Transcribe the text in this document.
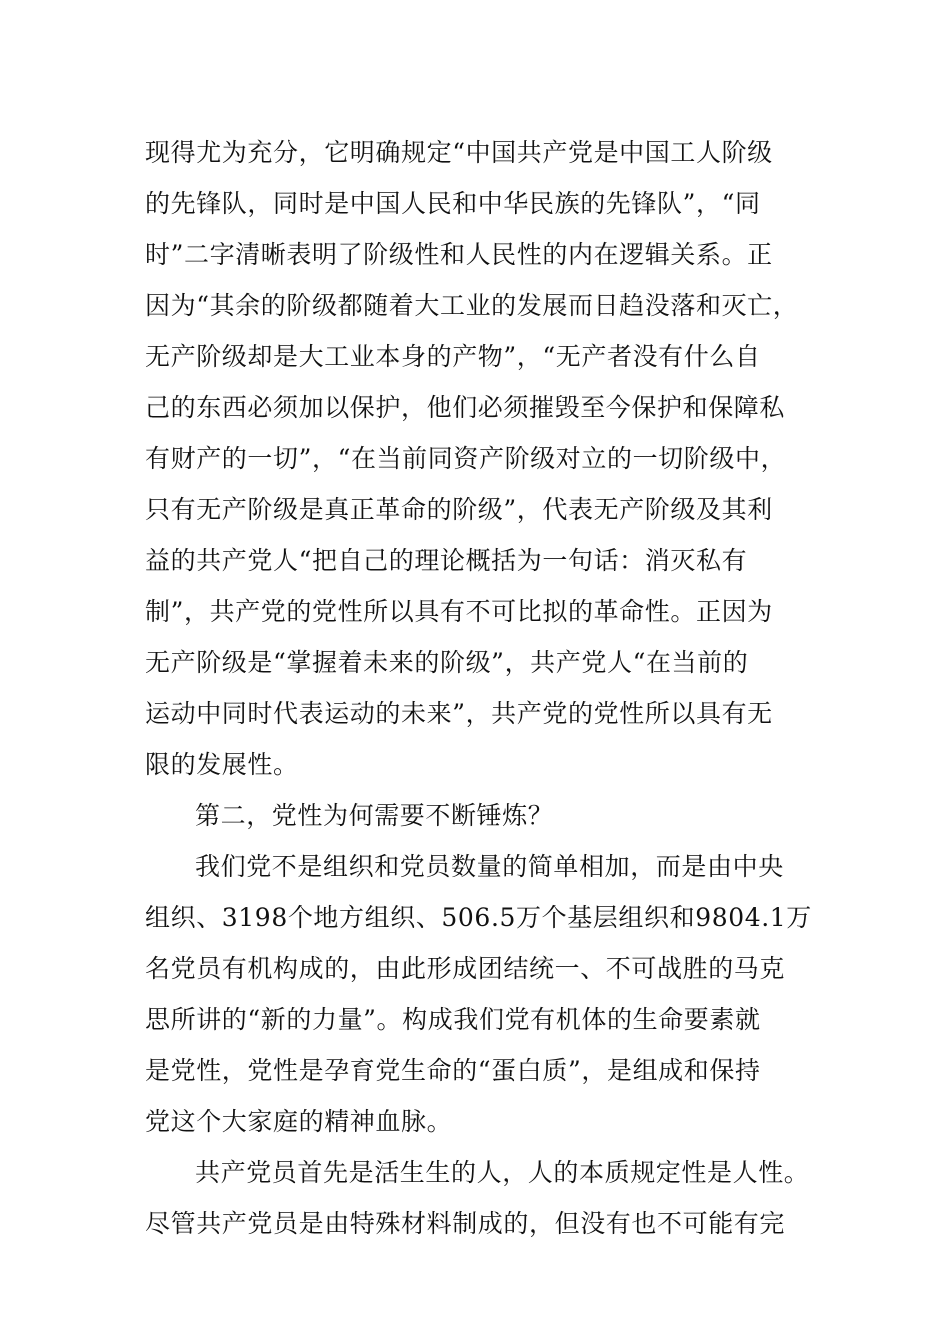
现得尤为充分，它明确规定“中国共产党是中国工人阶级
的先锋队，同时是中国人民和中华民族的先锋队”，“同
时”二字清晰表明了阶级性和人民性的内在逻辑关系。正
因为“其余的阶级都随着大工业的发展而日趋没落和灭亡，
无产阶级却是大工业本身的产物”，“无产者没有什么自
己的东西必须加以保护，他们必须摧毁至今保护和保障私
有财产的一切”，“在当前同资产阶级对立的一切阶级中，
只有无产阶级是真正革命的阶级”，代表无产阶级及其利
益的共产党人“把自己的理论概括为一句话：消灭私有
制”，共产党的党性所以具有不可比拟的革命性。正因为
无产阶级是“掌握着未来的阶级”，共产党人“在当前的
运动中同时代表运动的未来”，共产党的党性所以具有无
限的发展性。
第二，党性为何需要不断锤炼？
我们党不是组织和党员数量的简单相加，而是由中央
组织、3198个地方组织、506.5万个基层组织和9804.1万
名党员有机构成的，由此形成团结统一、不可战胜的马克
思所讲的“新的力量”。构成我们党有机体的生命要素就
是党性，党性是孕育党生命的“蛋白质”，是组成和保持
党这个大家庭的精神血脉。
共产党员首先是活生生的人，人的本质规定性是人性。
尽管共产党员是由特殊材料制成的，但没有也不可能有完
